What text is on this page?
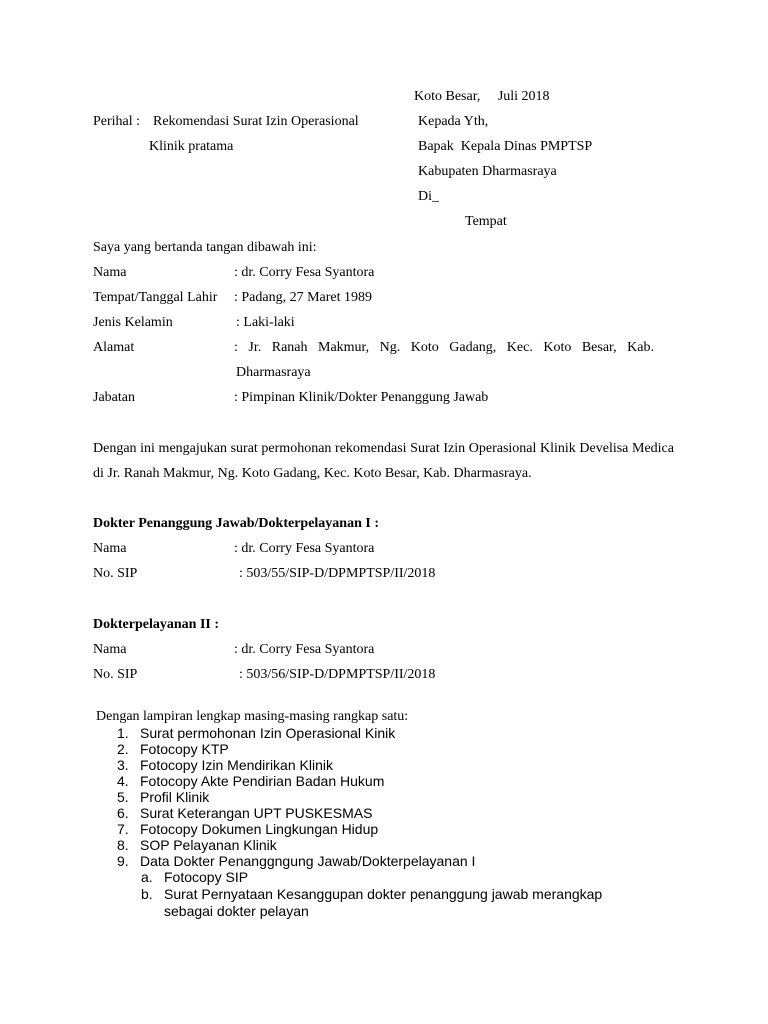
Koto Besar,     Juli 2018
Perihal : Rekomendasi Surat Izin Operasional
Klinik pratama
Kepada Yth,
Bapak  Kepala Dinas PMPTSP
Kabupaten Dharmasraya
Di_
Tempat
Saya yang bertanda tangan dibawah ini:
Nama	: dr. Corry Fesa Syantora
Tempat/Tanggal Lahir : Padang, 27 Maret 1989
Jenis Kelamin	: Laki-laki
Alamat	:   Jr.   Ranah   Makmur,   Ng.   Koto   Gadang,   Kec.   Koto   Besar,   Kab.
Dharmasraya
Jabatan	: Pimpinan Klinik/Dokter Penanggung Jawab
Dengan ini mengajukan surat permohonan rekomendasi Surat Izin Operasional Klinik Develisa Medica di Jr. Ranah Makmur, Ng. Koto Gadang, Kec. Koto Besar, Kab. Dharmasraya.
Dokter Penanggung Jawab/Dokterpelayanan I :
Nama	: dr. Corry Fesa Syantora
No. SIP	: 503/55/SIP-D/DPMPTSP/II/2018
Dokterpelayanan II :
Nama	: dr. Corry Fesa Syantora
No. SIP	: 503/56/SIP-D/DPMPTSP/II/2018
Dengan lampiran lengkap masing-masing rangkap satu:
1. Surat permohonan Izin Operasional Kinik
2. Fotocopy KTP
3. Fotocopy Izin Mendirikan Klinik
4. Fotocopy Akte Pendirian Badan Hukum
5. Profil Klinik
6. Surat Keterangan UPT PUSKESMAS
7. Fotocopy Dokumen Lingkungan Hidup
8. SOP Pelayanan Klinik
9. Data Dokter Penanggngung Jawab/Dokterpelayanan I
a. Fotocopy SIP
b. Surat Pernyataan Kesanggupan dokter penanggung jawab merangkap
sebagai dokter pelayan
